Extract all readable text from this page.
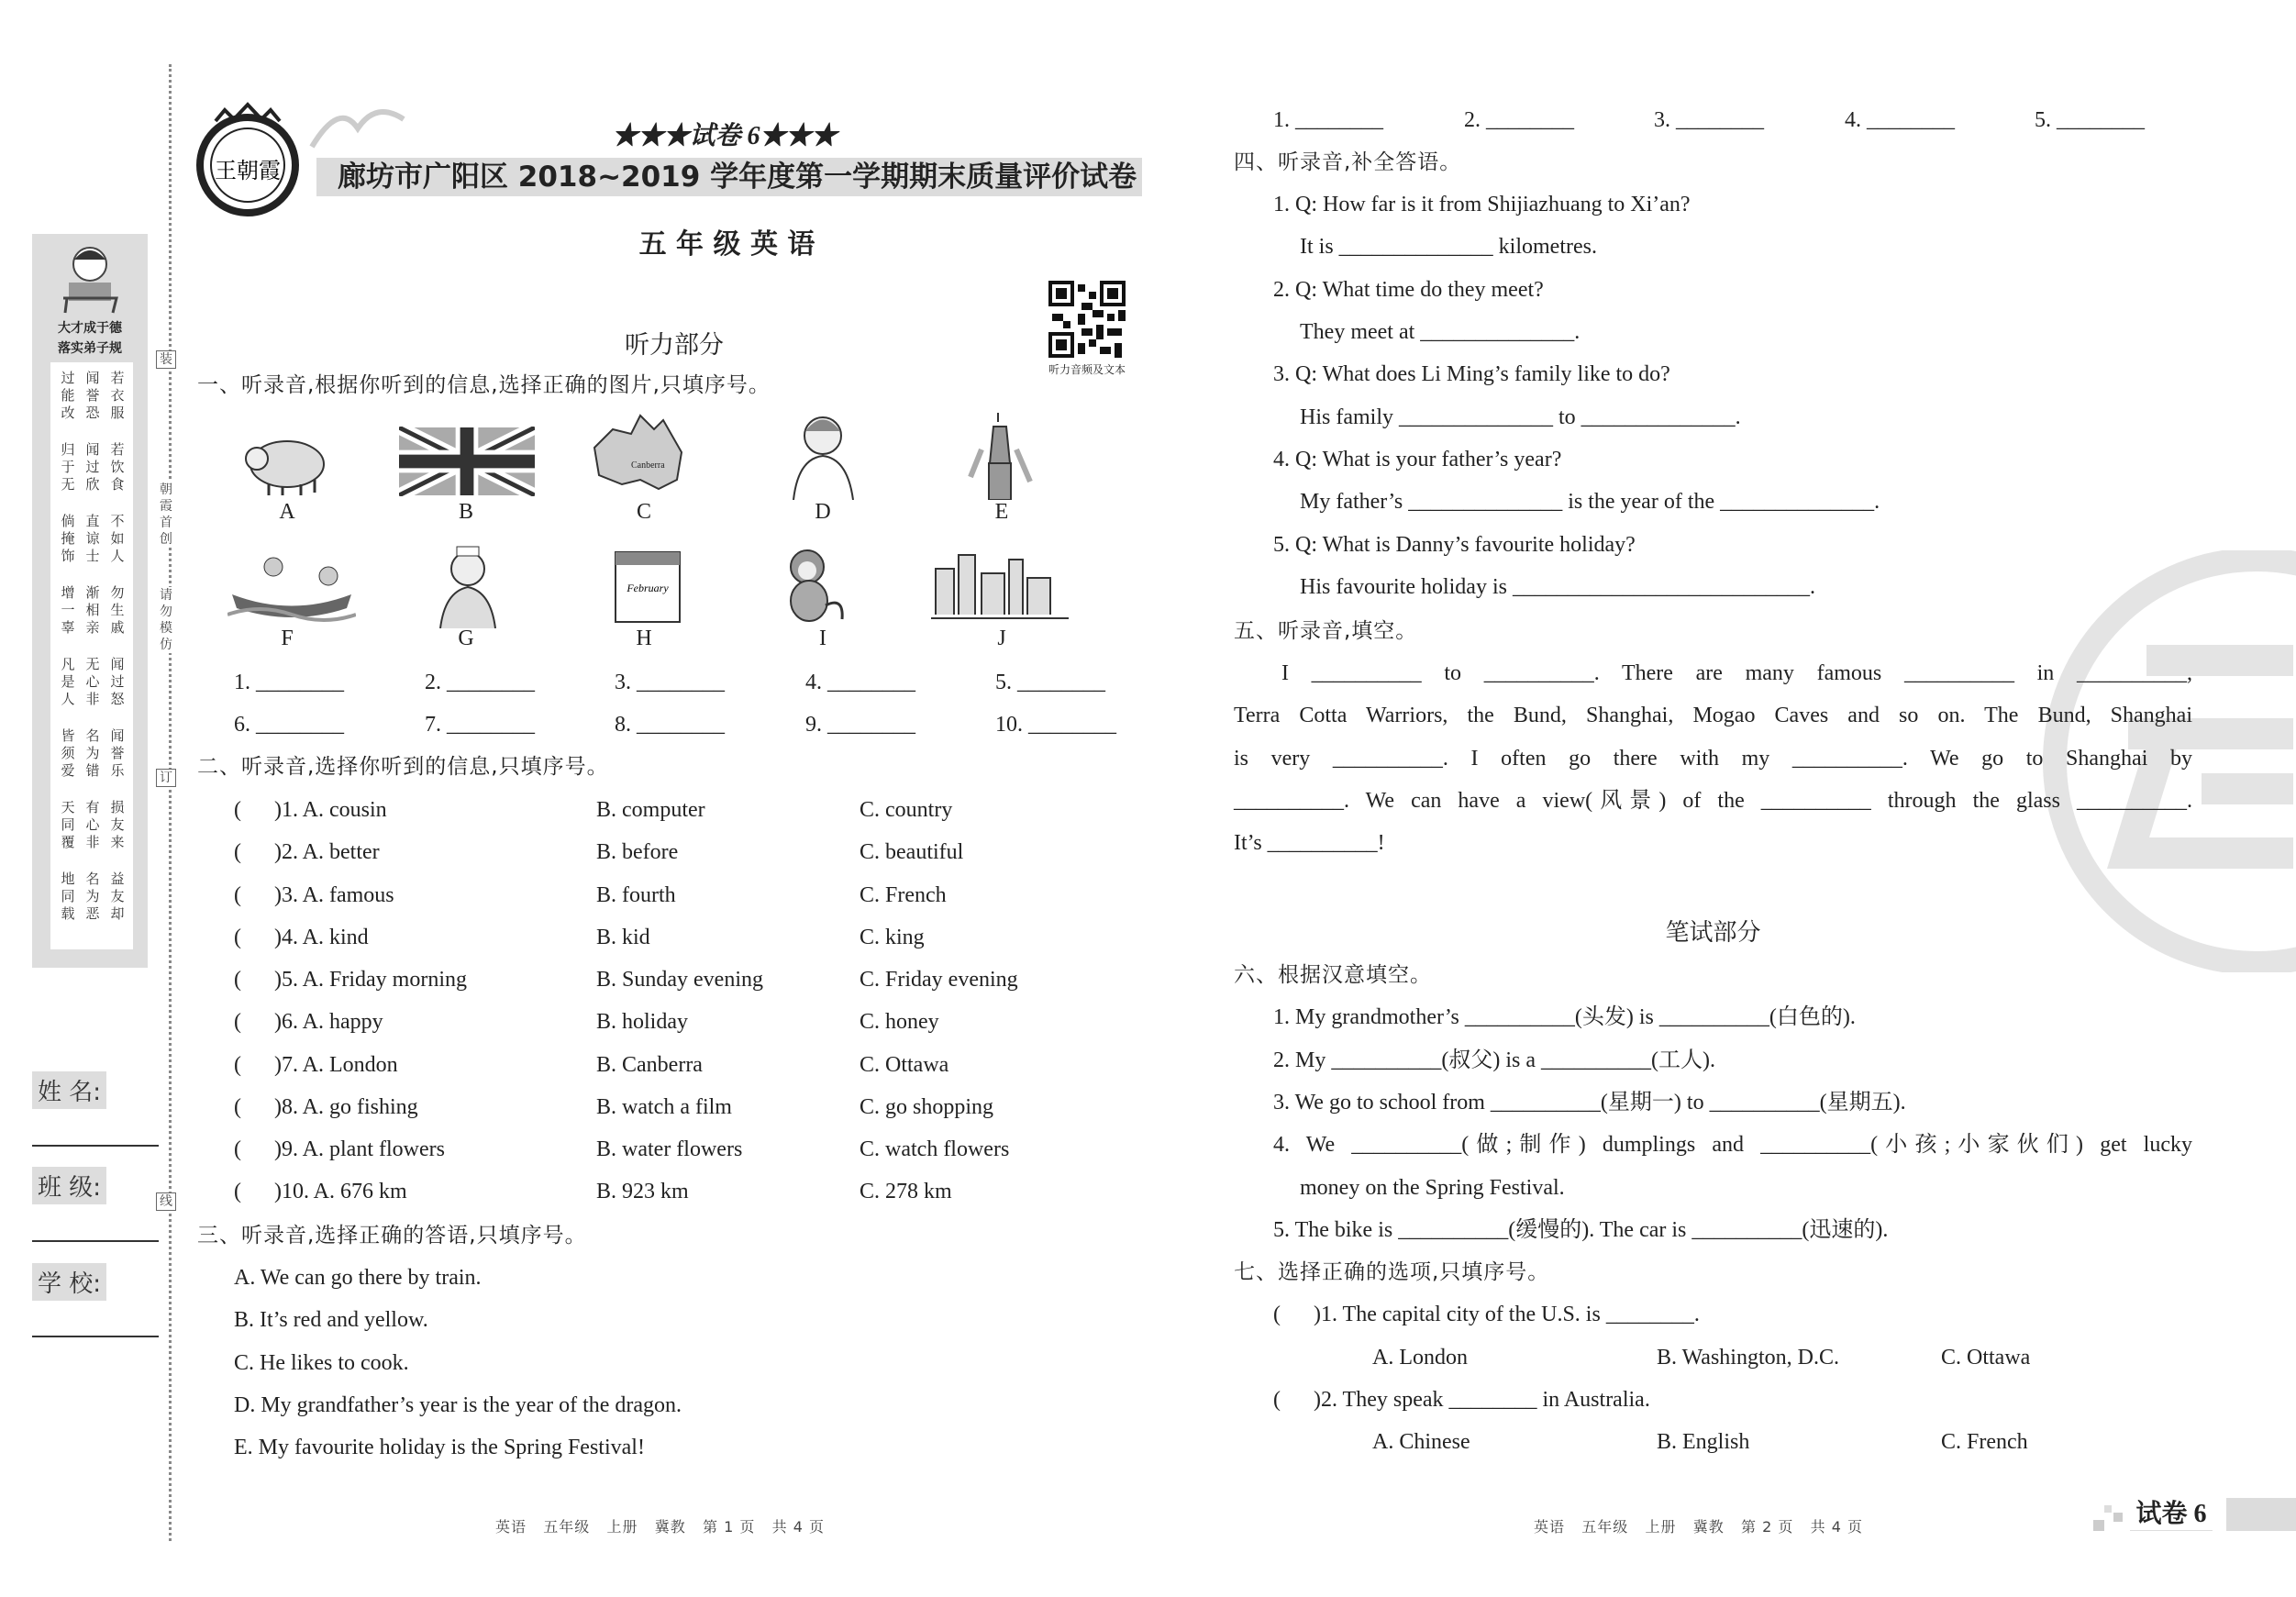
大才成于德
落实弟子规
过能改
闻誉恐
若衣服
归于无
闻过欣
若饮食
倘掩饰
直谅士
不如人
增一辜
渐相亲
勿生戚
凡是人
无心非
闻过怒
皆须爱
名为错
闻誉乐
天同覆
有心非
损友来
地同载
名为恶
益友却
装
朝霞首创
请勿模仿
订
线
姓 名:
班 级:
学 校:
王朝霞
★★★试卷 6★★★
廊坊市广阳区 2018~2019 学年度第一学期期末质量评价试卷
五 年 级 英 语
听力部分
听力音频及文本
一、听录音,根据你听到的信息,选择正确的图片,只填序号。
Canberra
February
A	B	C	D	E
F	G	H	I	J
1. ________	2. ________	3. ________	4. ________	5. ________
6. ________	7. ________	8. ________	9. ________	10. ________
二、听录音,选择你听到的信息,只填序号。
(      )1. A. cousin	B. computer	C. country
(      )2. A. better	B. before	C. beautiful
(      )3. A. famous	B. fourth	C. French
(      )4. A. kind	B. kid	C. king
(      )5. A. Friday morning	B. Sunday evening	C. Friday evening
(      )6. A. happy	B. holiday	C. honey
(      )7. A. London	B. Canberra	C. Ottawa
(      )8. A. go fishing	B. watch a film	C. go shopping
(      )9. A. plant flowers	B. water flowers	C. watch flowers
(      )10. A. 676 km	B. 923 km	C. 278 km
三、听录音,选择正确的答语,只填序号。
A. We can go there by train.
B. It’s red and yellow.
C. He likes to cook.
D. My grandfather’s year is the year of the dragon.
E. My favourite holiday is the Spring Festival!
英语   五年级   上册   冀教   第 1 页   共 4 页
1. ________	2. ________	3. ________	4. ________	5. ________
四、听录音,补全答语。
1. Q: How far is it from Shijiazhuang to Xi’an?
It is ______________ kilometres.
2. Q: What time do they meet?
They meet at ______________.
3. Q: What does Li Ming’s family like to do?
His family ______________ to ______________.
4. Q: What is your father’s year?
My father’s ______________ is the year of the ______________.
5. Q: What is Danny’s favourite holiday?
His favourite holiday is ___________________________.
五、听录音,填空。
I __________ to __________. There are many famous __________ in __________,
Terra Cotta Warriors, the Bund, Shanghai, Mogao Caves and so on. The Bund, Shanghai
is very __________. I often go there with my __________. We go to Shanghai by
__________. We can have a view(风景) of the __________ through the glass __________.
It’s __________!
笔试部分
六、根据汉意填空。
1. My grandmother’s __________(头发) is __________(白色的).
2. My __________(叔父) is a __________(工人).
3. We go to school from __________(星期一) to __________(星期五).
4. We __________(做;制作) dumplings and __________(小孩;小家伙们) get lucky
money on the Spring Festival.
5. The bike is __________(缓慢的). The car is __________(迅速的).
七、选择正确的选项,只填序号。
(      )1. The capital city of the U.S. is ________.
A. London	B. Washington, D.C.	C. Ottawa
(      )2. They speak ________ in Australia.
A. Chinese	B. English	C. French
英语   五年级   上册   冀教   第 2 页   共 4 页	试卷 6
